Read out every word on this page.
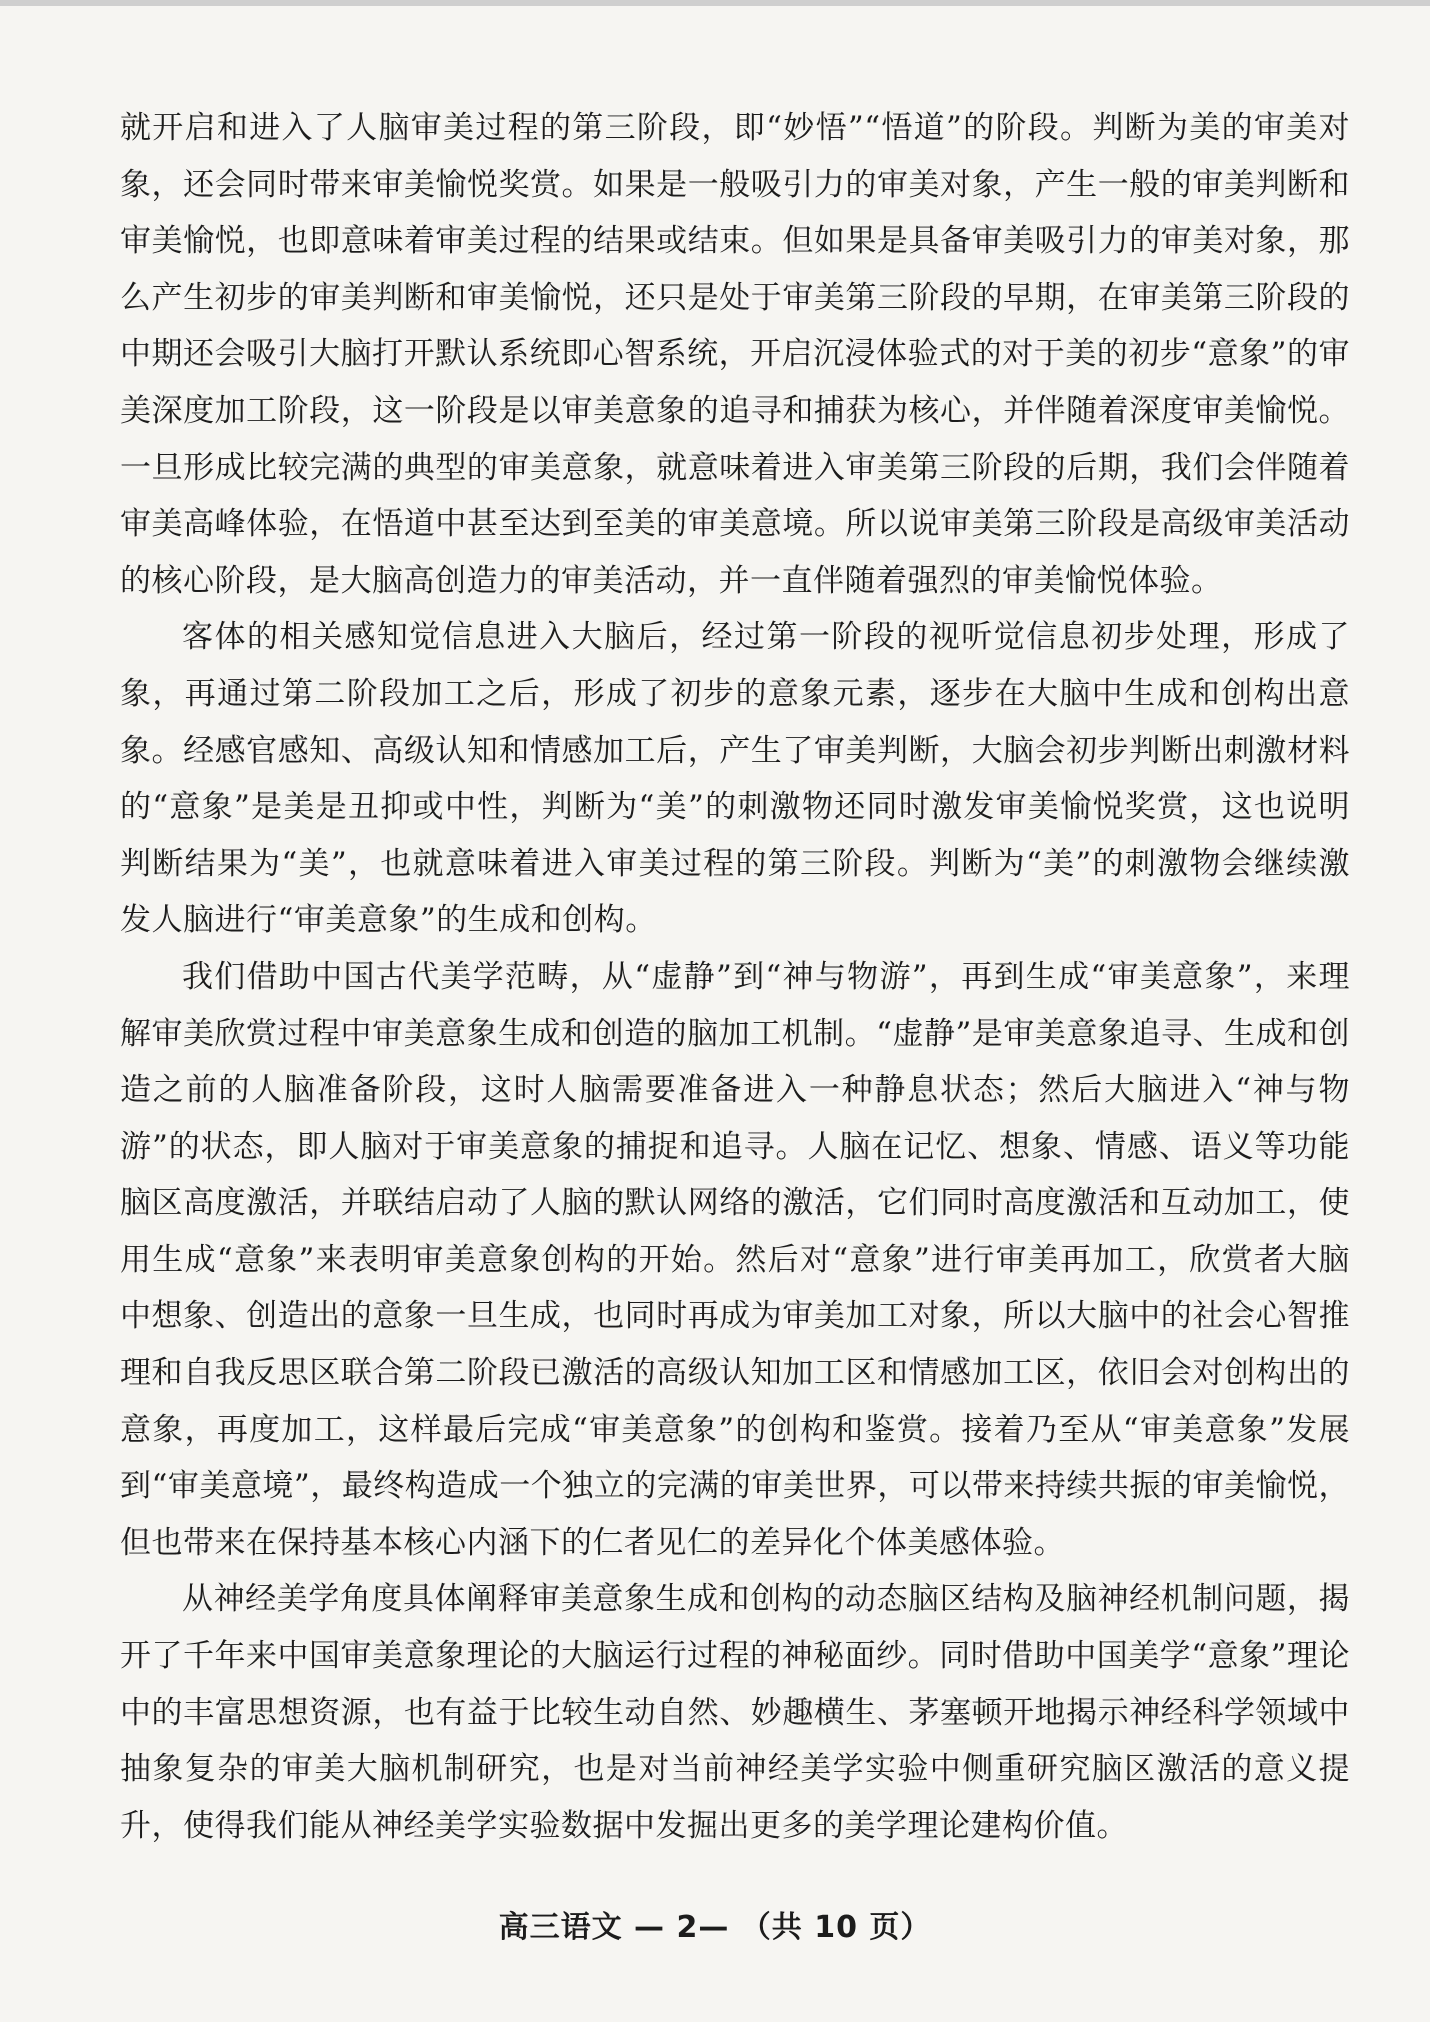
就开启和进入了人脑审美过程的第三阶段，即“妙悟”“悟道”的阶段。判断为美的审美对象，还会同时带来审美愉悦奖赏。如果是一般吸引力的审美对象，产生一般的审美判断和审美愉悦，也即意味着审美过程的结果或结束。但如果是具备审美吸引力的审美对象，那么产生初步的审美判断和审美愉悦，还只是处于审美第三阶段的早期，在审美第三阶段的中期还会吸引大脑打开默认系统即心智系统，开启沉浸体验式的对于美的初步“意象”的审美深度加工阶段，这一阶段是以审美意象的追寻和捕获为核心，并伴随着深度审美愉悦。一旦形成比较完满的典型的审美意象，就意味着进入审美第三阶段的后期，我们会伴随着审美高峰体验，在悟道中甚至达到至美的审美意境。所以说审美第三阶段是高级审美活动的核心阶段，是大脑高创造力的审美活动，并一直伴随着强烈的审美愉悦体验。

客体的相关感知觉信息进入大脑后，经过第一阶段的视听觉信息初步处理，形成了象，再通过第二阶段加工之后，形成了初步的意象元素，逐步在大脑中生成和创构出意象。经感官感知、高级认知和情感加工后，产生了审美判断，大脑会初步判断出刺激材料的“意象”是美是丑抑或中性，判断为“美”的刺激物还同时激发审美愉悦奖赏，这也说明判断结果为“美”，也就意味着进入审美过程的第三阶段。判断为“美”的刺激物会继续激发人脑进行“审美意象”的生成和创构。

我们借助中国古代美学范畴，从“虚静”到“神与物游”，再到生成“审美意象”，来理解审美欣赏过程中审美意象生成和创造的脑加工机制。“虚静”是审美意象追寻、生成和创造之前的人脑准备阶段，这时人脑需要准备进入一种静息状态；然后大脑进入“神与物游”的状态，即人脑对于审美意象的捕捉和追寻。人脑在记忆、想象、情感、语义等功能脑区高度激活，并联结启动了人脑的默认网络的激活，它们同时高度激活和互动加工，使用生成“意象”来表明审美意象创构的开始。然后对“意象”进行审美再加工，欣赏者大脑中想象、创造出的意象一旦生成，也同时再成为审美加工对象，所以大脑中的社会心智推理和自我反思区联合第二阶段已激活的高级认知加工区和情感加工区，依旧会对创构出的意象，再度加工，这样最后完成“审美意象”的创构和鉴赏。接着乃至从“审美意象”发展到“审美意境”，最终构造成一个独立的完满的审美世界，可以带来持续共振的审美愉悦，但也带来在保持基本核心内涵下的仁者见仁的差异化个体美感体验。

从神经美学角度具体阐释审美意象生成和创构的动态脑区结构及脑神经机制问题，揭开了千年来中国审美意象理论的大脑运行过程的神秘面纱。同时借助中国美学“意象”理论中的丰富思想资源，也有益于比较生动自然、妙趣横生、茅塞顿开地揭示神经科学领域中抽象复杂的审美大脑机制研究，也是对当前神经美学实验中侧重研究脑区激活的意义提升，使得我们能从神经美学实验数据中发掘出更多的美学理论建构价值。

高三语文 — 2— （共 10 页）
